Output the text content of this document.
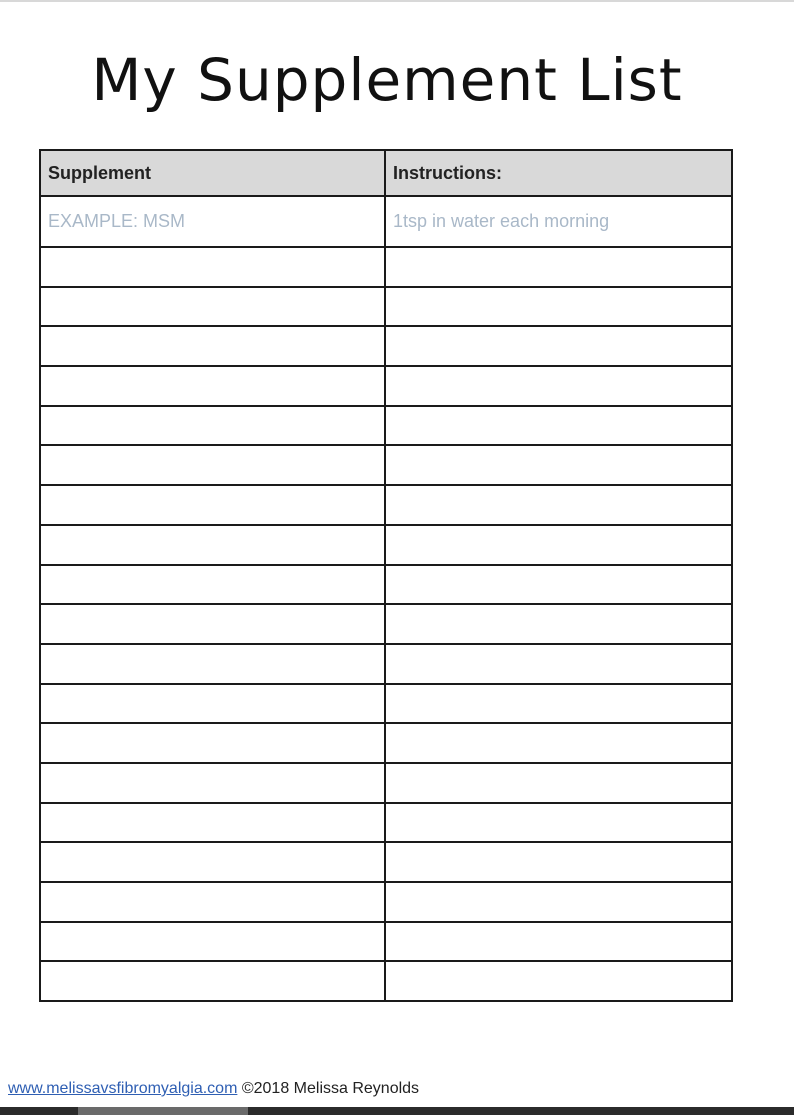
My Supplement List
Supplement	Instructions:
EXAMPLE: MSM	1tsp in water each morning

www.melissavsfibromyalgia.com ©2018 Melissa Reynolds
